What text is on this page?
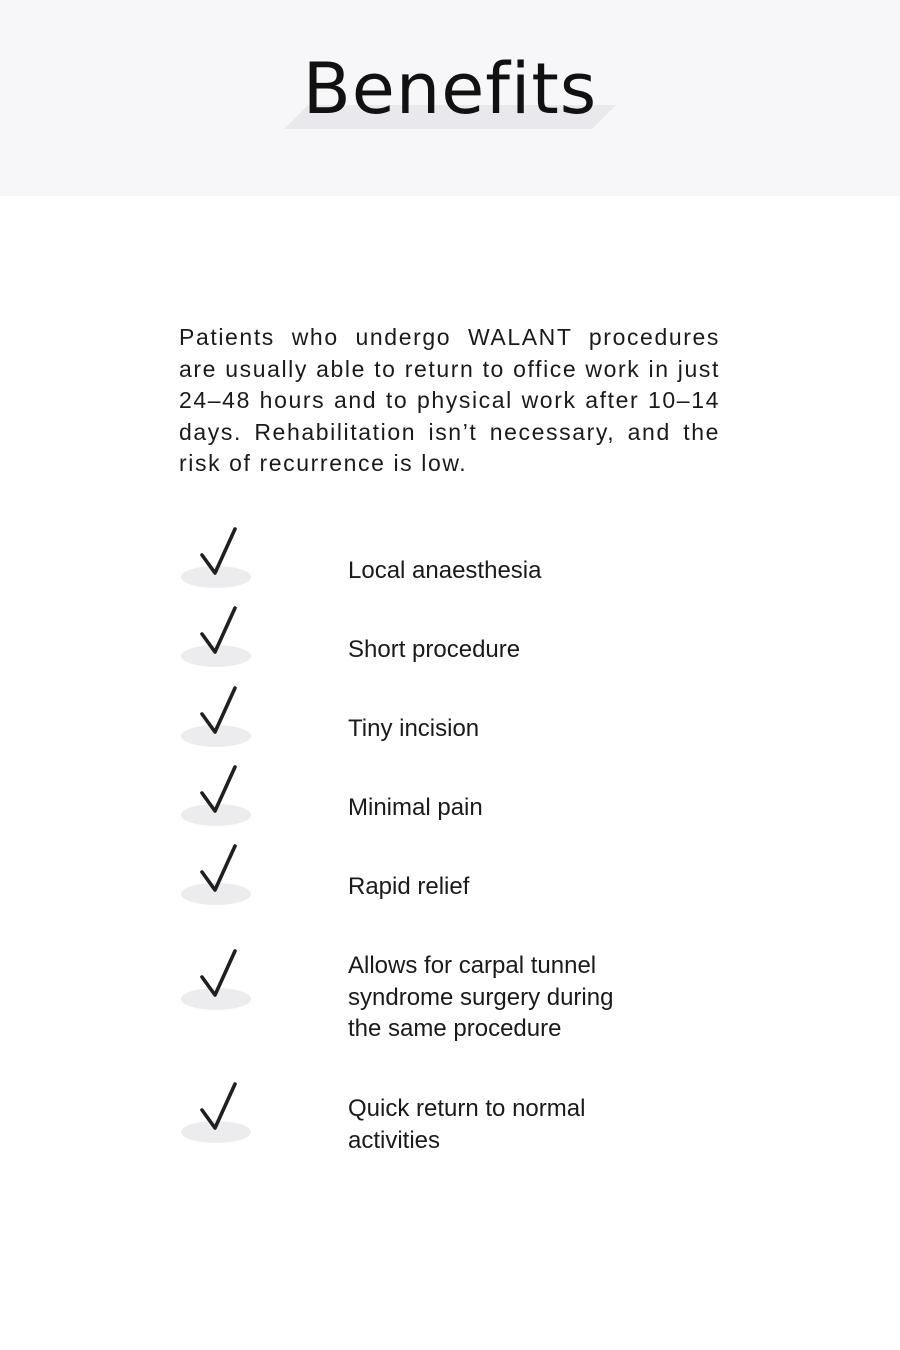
Benefits

Patients who undergo WALANT procedures are usually able to return to office work in just 24–48 hours and to physical work after 10–14 days. Rehabilitation isn’t necessary, and the risk of recurrence is low.

Local anaesthesia
Short procedure
Tiny incision
Minimal pain
Rapid relief
Allows for carpal tunnel
syndrome surgery during
the same procedure
Quick return to normal
activities
